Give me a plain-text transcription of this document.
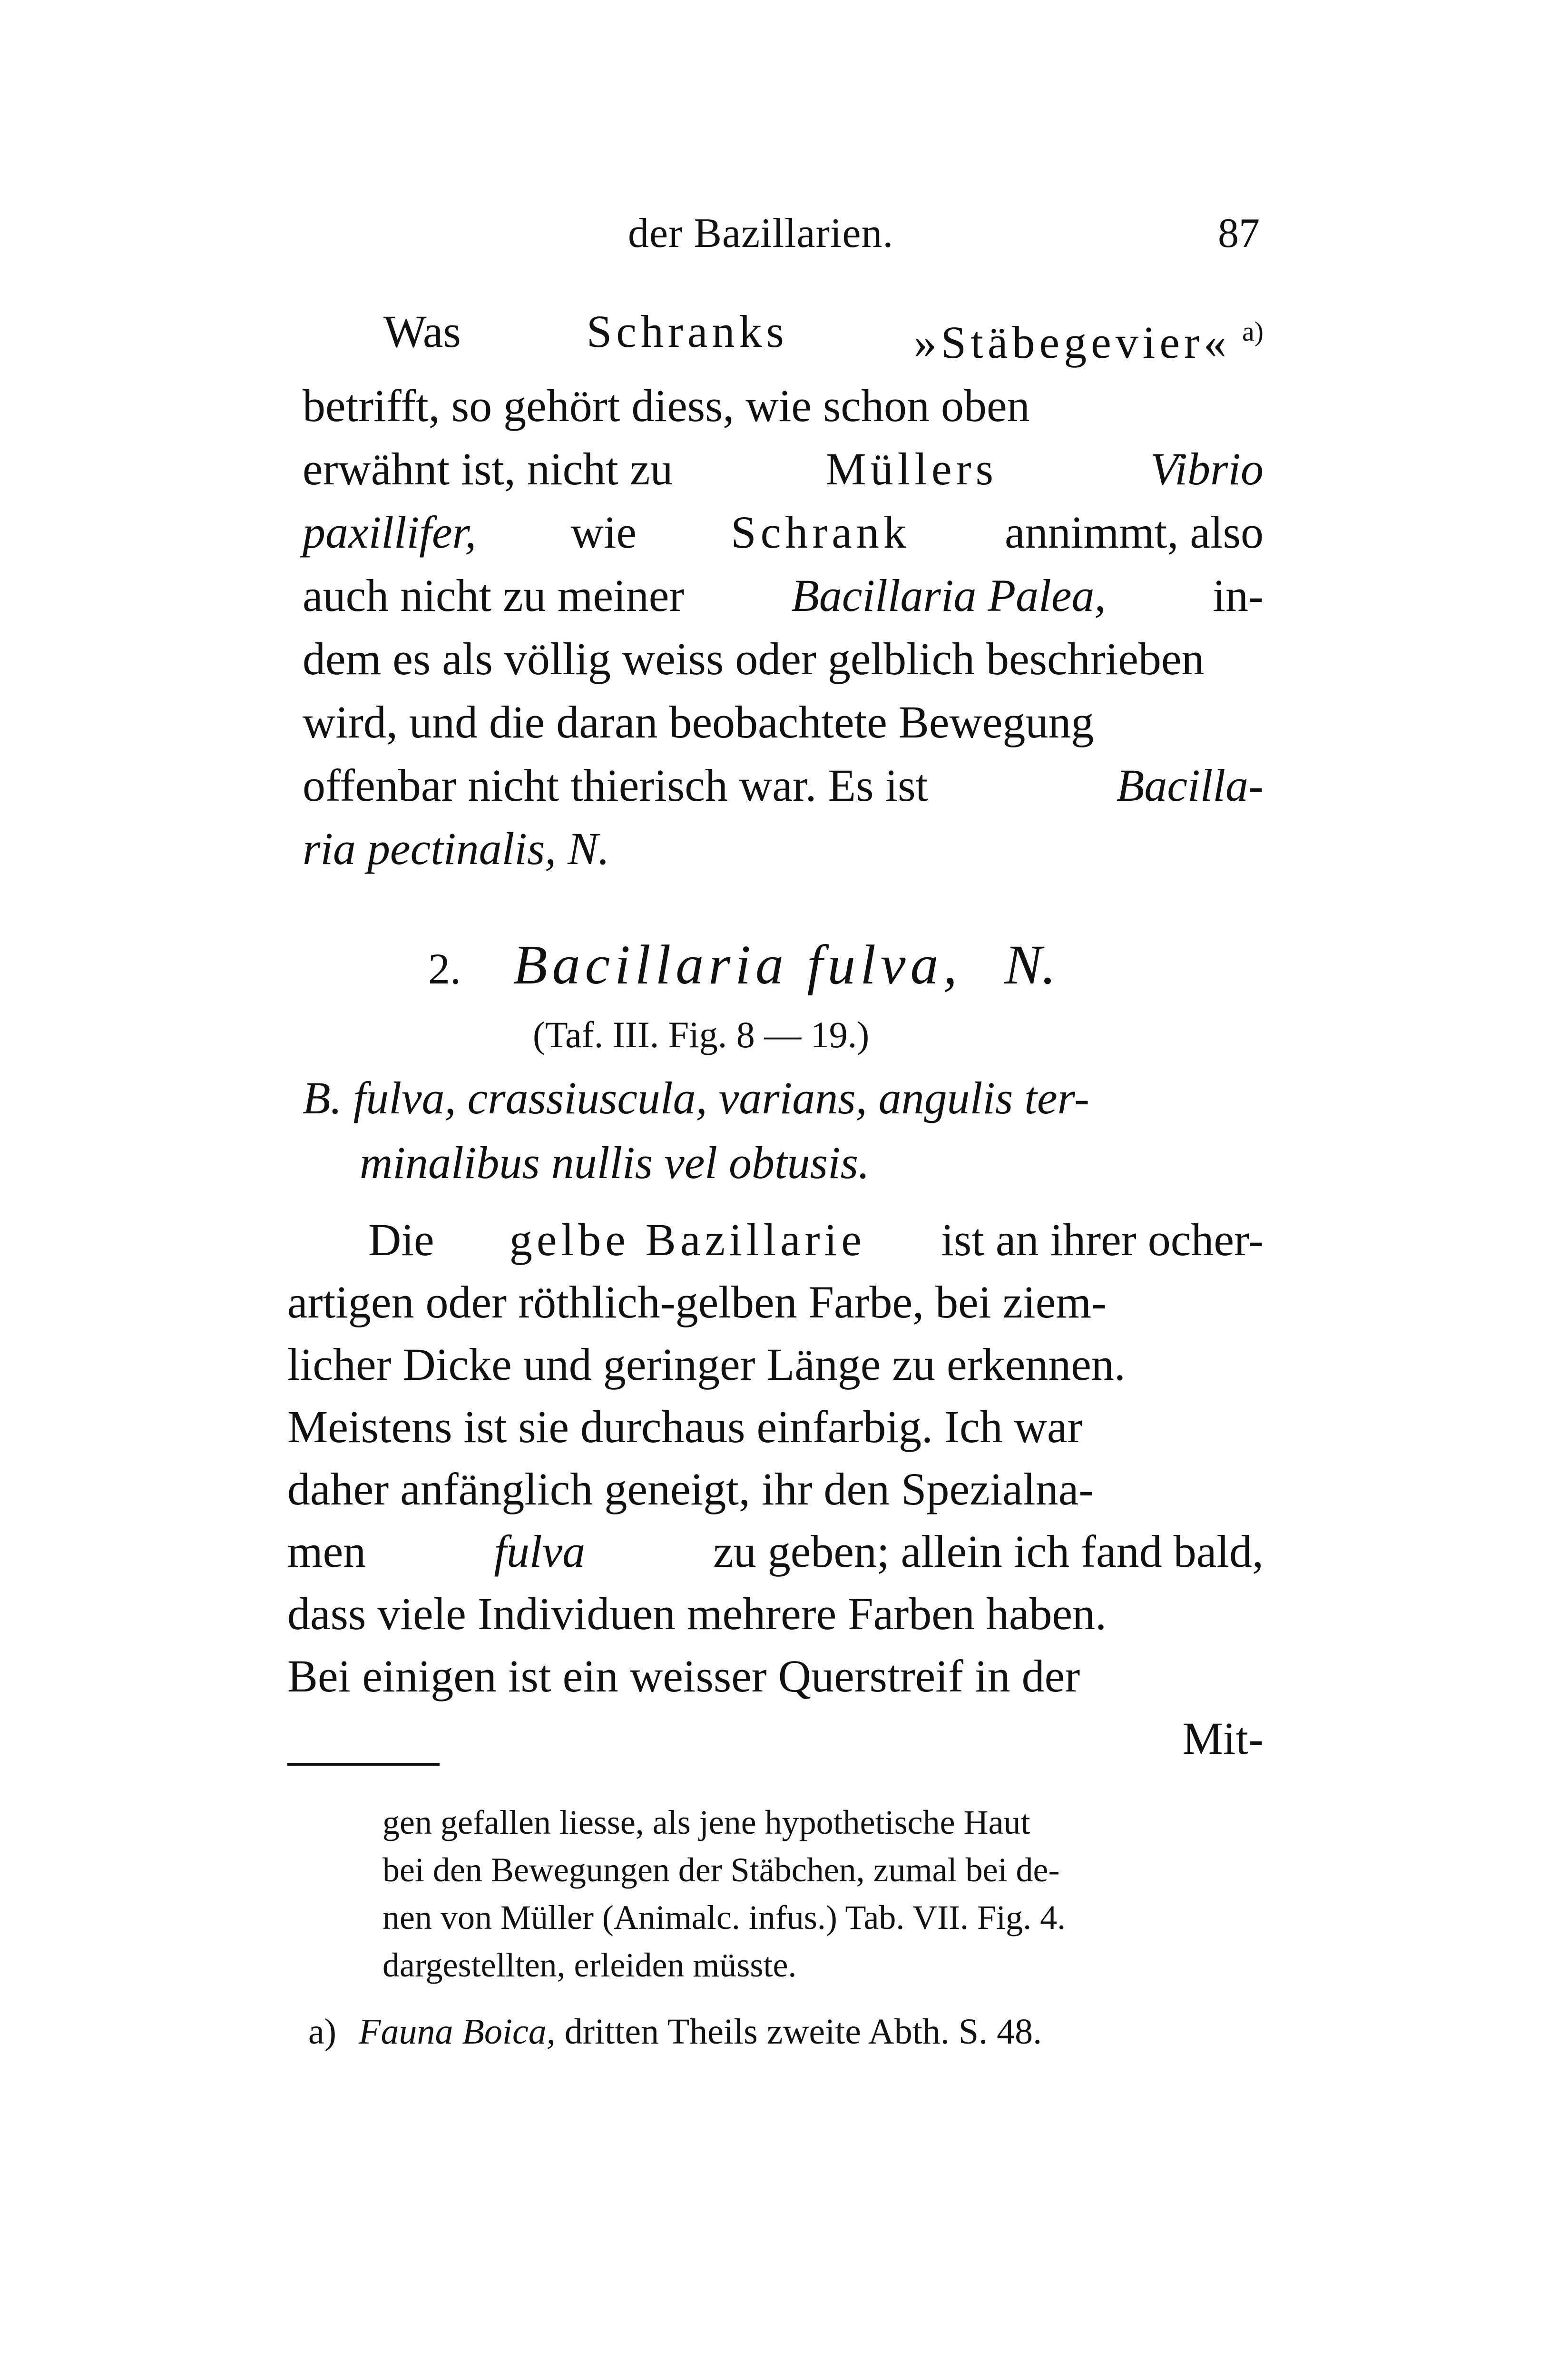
der Bazillarien.	87
Was	Schranks	»Stäbegevier« $^{a)}$
betrifft, so gehört diess, wie schon oben
erwähnt ist, nicht zu	Müllers	Vibrio
paxillifer, wie Schrank annimmt, also
auch nicht zu meiner Bacillaria Palea, in-
dem es als völlig weiss oder gelblich beschrieben
wird, und die daran beobachtete Bewegung
offenbar nicht thierisch war. Es ist	Bacilla-
ria pectinalis, N.
2. Bacillaria fulva, N.
(Taf. III. Fig. 8 — 19.)
B. fulva, crassiuscula, varians, angulis ter-
minalibus nullis vel obtusis.
Die gelbe Bazillarie ist an ihrer ocher-
artigen oder röthlich-gelben Farbe, bei ziem-
licher Dicke und geringer Länge zu erkennen.
Meistens ist sie durchaus einfarbig. Ich war
daher anfänglich geneigt, ihr den Spezialna-
men	fulva	zu geben; allein ich fand bald,
dass viele Individuen mehrere Farben haben.
Bei einigen ist ein weisser Querstreif in der
Mit-
gen gefallen liesse, als jene hypothetische Haut
bei den Bewegungen der Stäbchen, zumal bei de-
nen von Müller (Animalc. infus.) Tab. VII. Fig. 4.
dargestellten, erleiden müsste.
a) Fauna Boica, dritten Theils zweite Abth. S. 48.
